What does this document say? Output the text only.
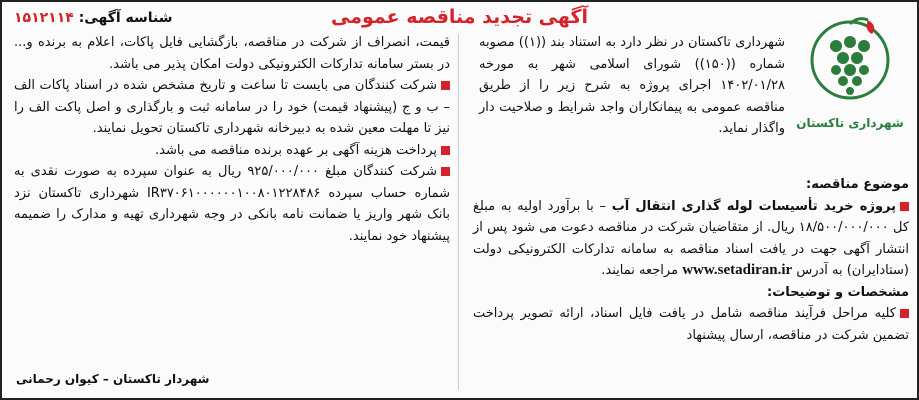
آگهی تجدید مناقصه عمومی
شناسه آگهی: ۱۵۱۲۱۱۴
شهرداری تاکستان
شهرداری تاکستان در نظر دارد به استناد بند ((۱)) مصوبه شماره ((۱۵۰)) شورای اسلامی شهر به مورخه ۱۴۰۲/۰۱/۲۸ اجرای پروژه به شرح زیر را از طریق مناقصه عمومی به پیمانکاران واجد شرایط و صلاحیت دار واگذار نماید.
موضوع مناقصه:
پروژه خرید تأسیسات لوله گذاری انتقال آب – با برآورد اولیه به مبلغ کل ۱۸/۵۰۰/۰۰۰/۰۰۰ ریال. از متقاضیان شرکت در مناقصه دعوت می شود پس از انتشار آگهی جهت در یافت اسناد مناقصه به سامانه تدارکات الکترونیکی دولت (ستادایران) به آدرس www.setadiran.ir مراجعه نمایند.
مشخصات و توضیحات:
کلیه مراحل فرآیند مناقصه شامل در یافت فایل اسناد، ارائه تصویر پرداخت تضمین شرکت در مناقصه، ارسال پیشنهاد
قیمت، انصراف از شرکت در مناقصه، بازگشایی فایل پاکات، اعلام به برنده و... در بستر سامانه تدارکات الکترونیکی دولت امکان پذیر می باشد.
شرکت کنندگان می بایست تا ساعت و تاریخ مشخص شده در اسناد پاکات الف – ب و ج (پیشنهاد قیمت) خود را در سامانه ثبت و بارگذاری و اصل پاکت الف را نیز تا مهلت معین شده به دبیرخانه شهرداری تاکستان تحویل نمایند.
پرداخت هزینه آگهی بر عهده برنده مناقصه می باشد.
شرکت کنندگان مبلغ ۹۲۵/۰۰۰/۰۰۰ ریال به عنوان سپرده به صورت نقدی به شماره حساب سپرده IR۳۷۰۶۱۰۰۰۰۰۰۱۰۰۸۰۱۲۲۸۴۸۶ شهرداری تاکستان نزد بانک شهر واریز یا ضمانت نامه بانکی در وجه شهرداری تهیه و مدارک را ضمیمه پیشنهاد خود نمایند.
شهردار تاکستان – کیوان رحمانی
